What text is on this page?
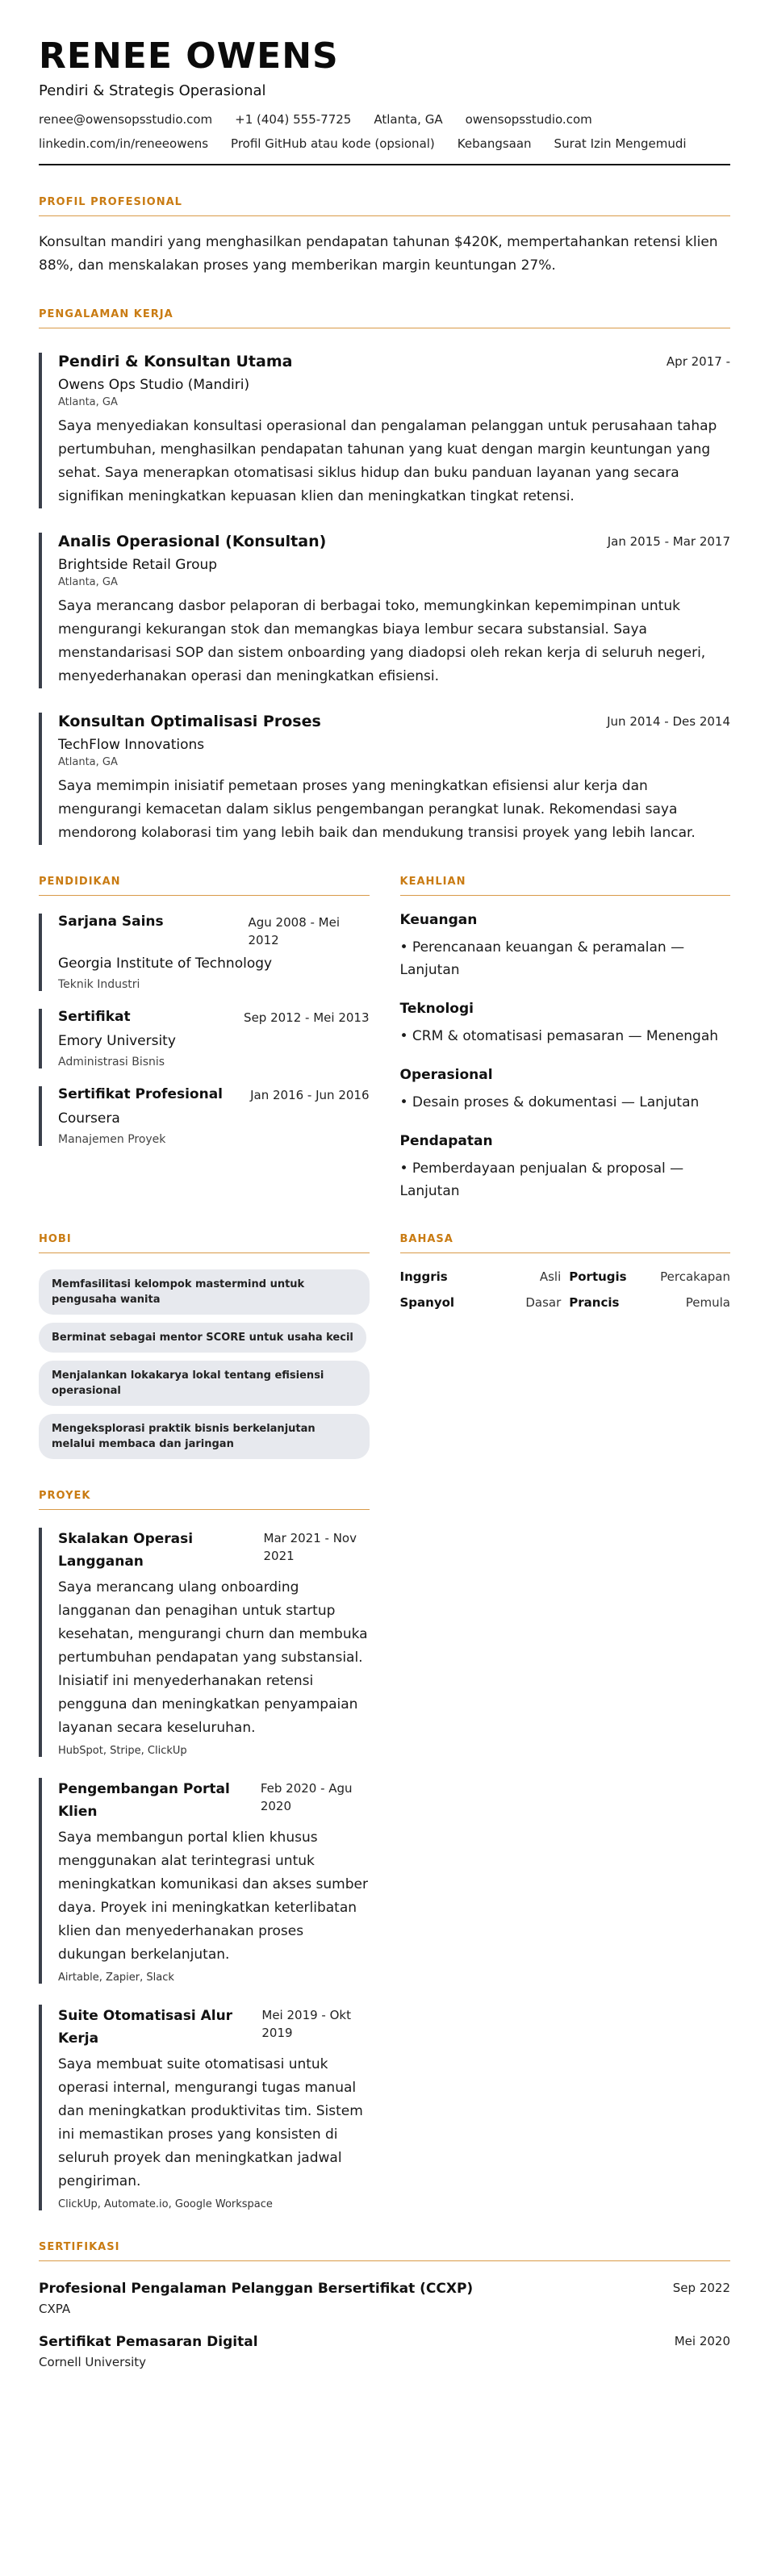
RENEE OWENS
Pendiri & Strategis Operasional
renee@owensopsstudio.com +1 (404) 555-7725 Atlanta, GA owensopsstudio.com
linkedin.com/in/reneeowens Profil GitHub atau kode (opsional) Kebangsaan Surat Izin Mengemudi
PROFIL PROFESIONAL

Konsultan mandiri yang menghasilkan pendapatan tahunan $420K, mempertahankan retensi klien 88%, dan menskalakan proses yang memberikan margin keuntungan 27%.

PENGALAMAN KERJA
Pendiri & Konsultan Utama	Apr 2017 -
Owens Ops Studio (Mandiri)
Atlanta, GA

Saya menyediakan konsultasi operasional dan pengalaman pelanggan untuk perusahaan tahap pertumbuhan, menghasilkan pendapatan tahunan yang kuat dengan margin keuntungan yang sehat. Saya menerapkan otomatisasi siklus hidup dan buku panduan layanan yang secara signifikan meningkatkan kepuasan klien dan meningkatkan tingkat retensi.

Analis Operasional (Konsultan)	Jan 2015 - Mar 2017
Brightside Retail Group
Atlanta, GA

Saya merancang dasbor pelaporan di berbagai toko, memungkinkan kepemimpinan untuk mengurangi kekurangan stok dan memangkas biaya lembur secara substansial. Saya menstandarisasi SOP dan sistem onboarding yang diadopsi oleh rekan kerja di seluruh negeri, menyederhanakan operasi dan meningkatkan efisiensi.

Konsultan Optimalisasi Proses	Jun 2014 - Des 2014
TechFlow Innovations
Atlanta, GA

Saya memimpin inisiatif pemetaan proses yang meningkatkan efisiensi alur kerja dan mengurangi kemacetan dalam siklus pengembangan perangkat lunak. Rekomendasi saya mendorong kolaborasi tim yang lebih baik dan mendukung transisi proyek yang lebih lancar.

PENDIDIKAN
Sarjana Sains	Agu 2008 - Mei 2012
Georgia Institute of Technology
Teknik Industri
Sertifikat	Sep 2012 - Mei 2013
Emory University
Administrasi Bisnis
Sertifikat Profesional Jan 2016 - Jun 2016
Coursera
Manajemen Proyek
KEAHLIAN
Keuangan
• Perencanaan keuangan & peramalan — Lanjutan
Teknologi
• CRM & otomatisasi pemasaran — Menengah
Operasional
• Desain proses & dokumentasi — Lanjutan
Pendapatan
• Pemberdayaan penjualan & proposal — Lanjutan
HOBI
Memfasilitasi kelompok mastermind untuk pengusaha wanita
Berminat sebagai mentor SCORE untuk usaha kecil
Menjalankan lokakarya lokal tentang efisiensi operasional
Mengeksplorasi praktik bisnis berkelanjutan melalui membaca dan jaringan
BAHASA
Inggris	Asli Portugis	Percakapan
Spanyol	Dasar Prancis	Pemula
PROYEK
Skalakan Operasi Langganan
Mar 2021 - Nov 2021

Saya merancang ulang onboarding langganan dan penagihan untuk startup kesehatan, mengurangi churn dan membuka pertumbuhan pendapatan yang substansial. Inisiatif ini menyederhanakan retensi pengguna dan meningkatkan penyampaian layanan secara keseluruhan.

HubSpot, Stripe, ClickUp
Pengembangan Portal Klien
Feb 2020 - Agu 2020

Saya membangun portal klien khusus menggunakan alat terintegrasi untuk meningkatkan komunikasi dan akses sumber daya. Proyek ini meningkatkan keterlibatan klien dan menyederhanakan proses dukungan berkelanjutan.

Airtable, Zapier, Slack
Suite Otomatisasi Alur Kerja
Mei 2019 - Okt 2019

Saya membuat suite otomatisasi untuk operasi internal, mengurangi tugas manual dan meningkatkan produktivitas tim. Sistem ini memastikan proses yang konsisten di seluruh proyek dan meningkatkan jadwal pengiriman.

ClickUp, Automate.io, Google Workspace
SERTIFIKASI
Profesional Pengalaman Pelanggan Bersertifikat (CCXP)	Sep 2022
CXPA
Sertifikat Pemasaran Digital	Mei 2020
Cornell University
